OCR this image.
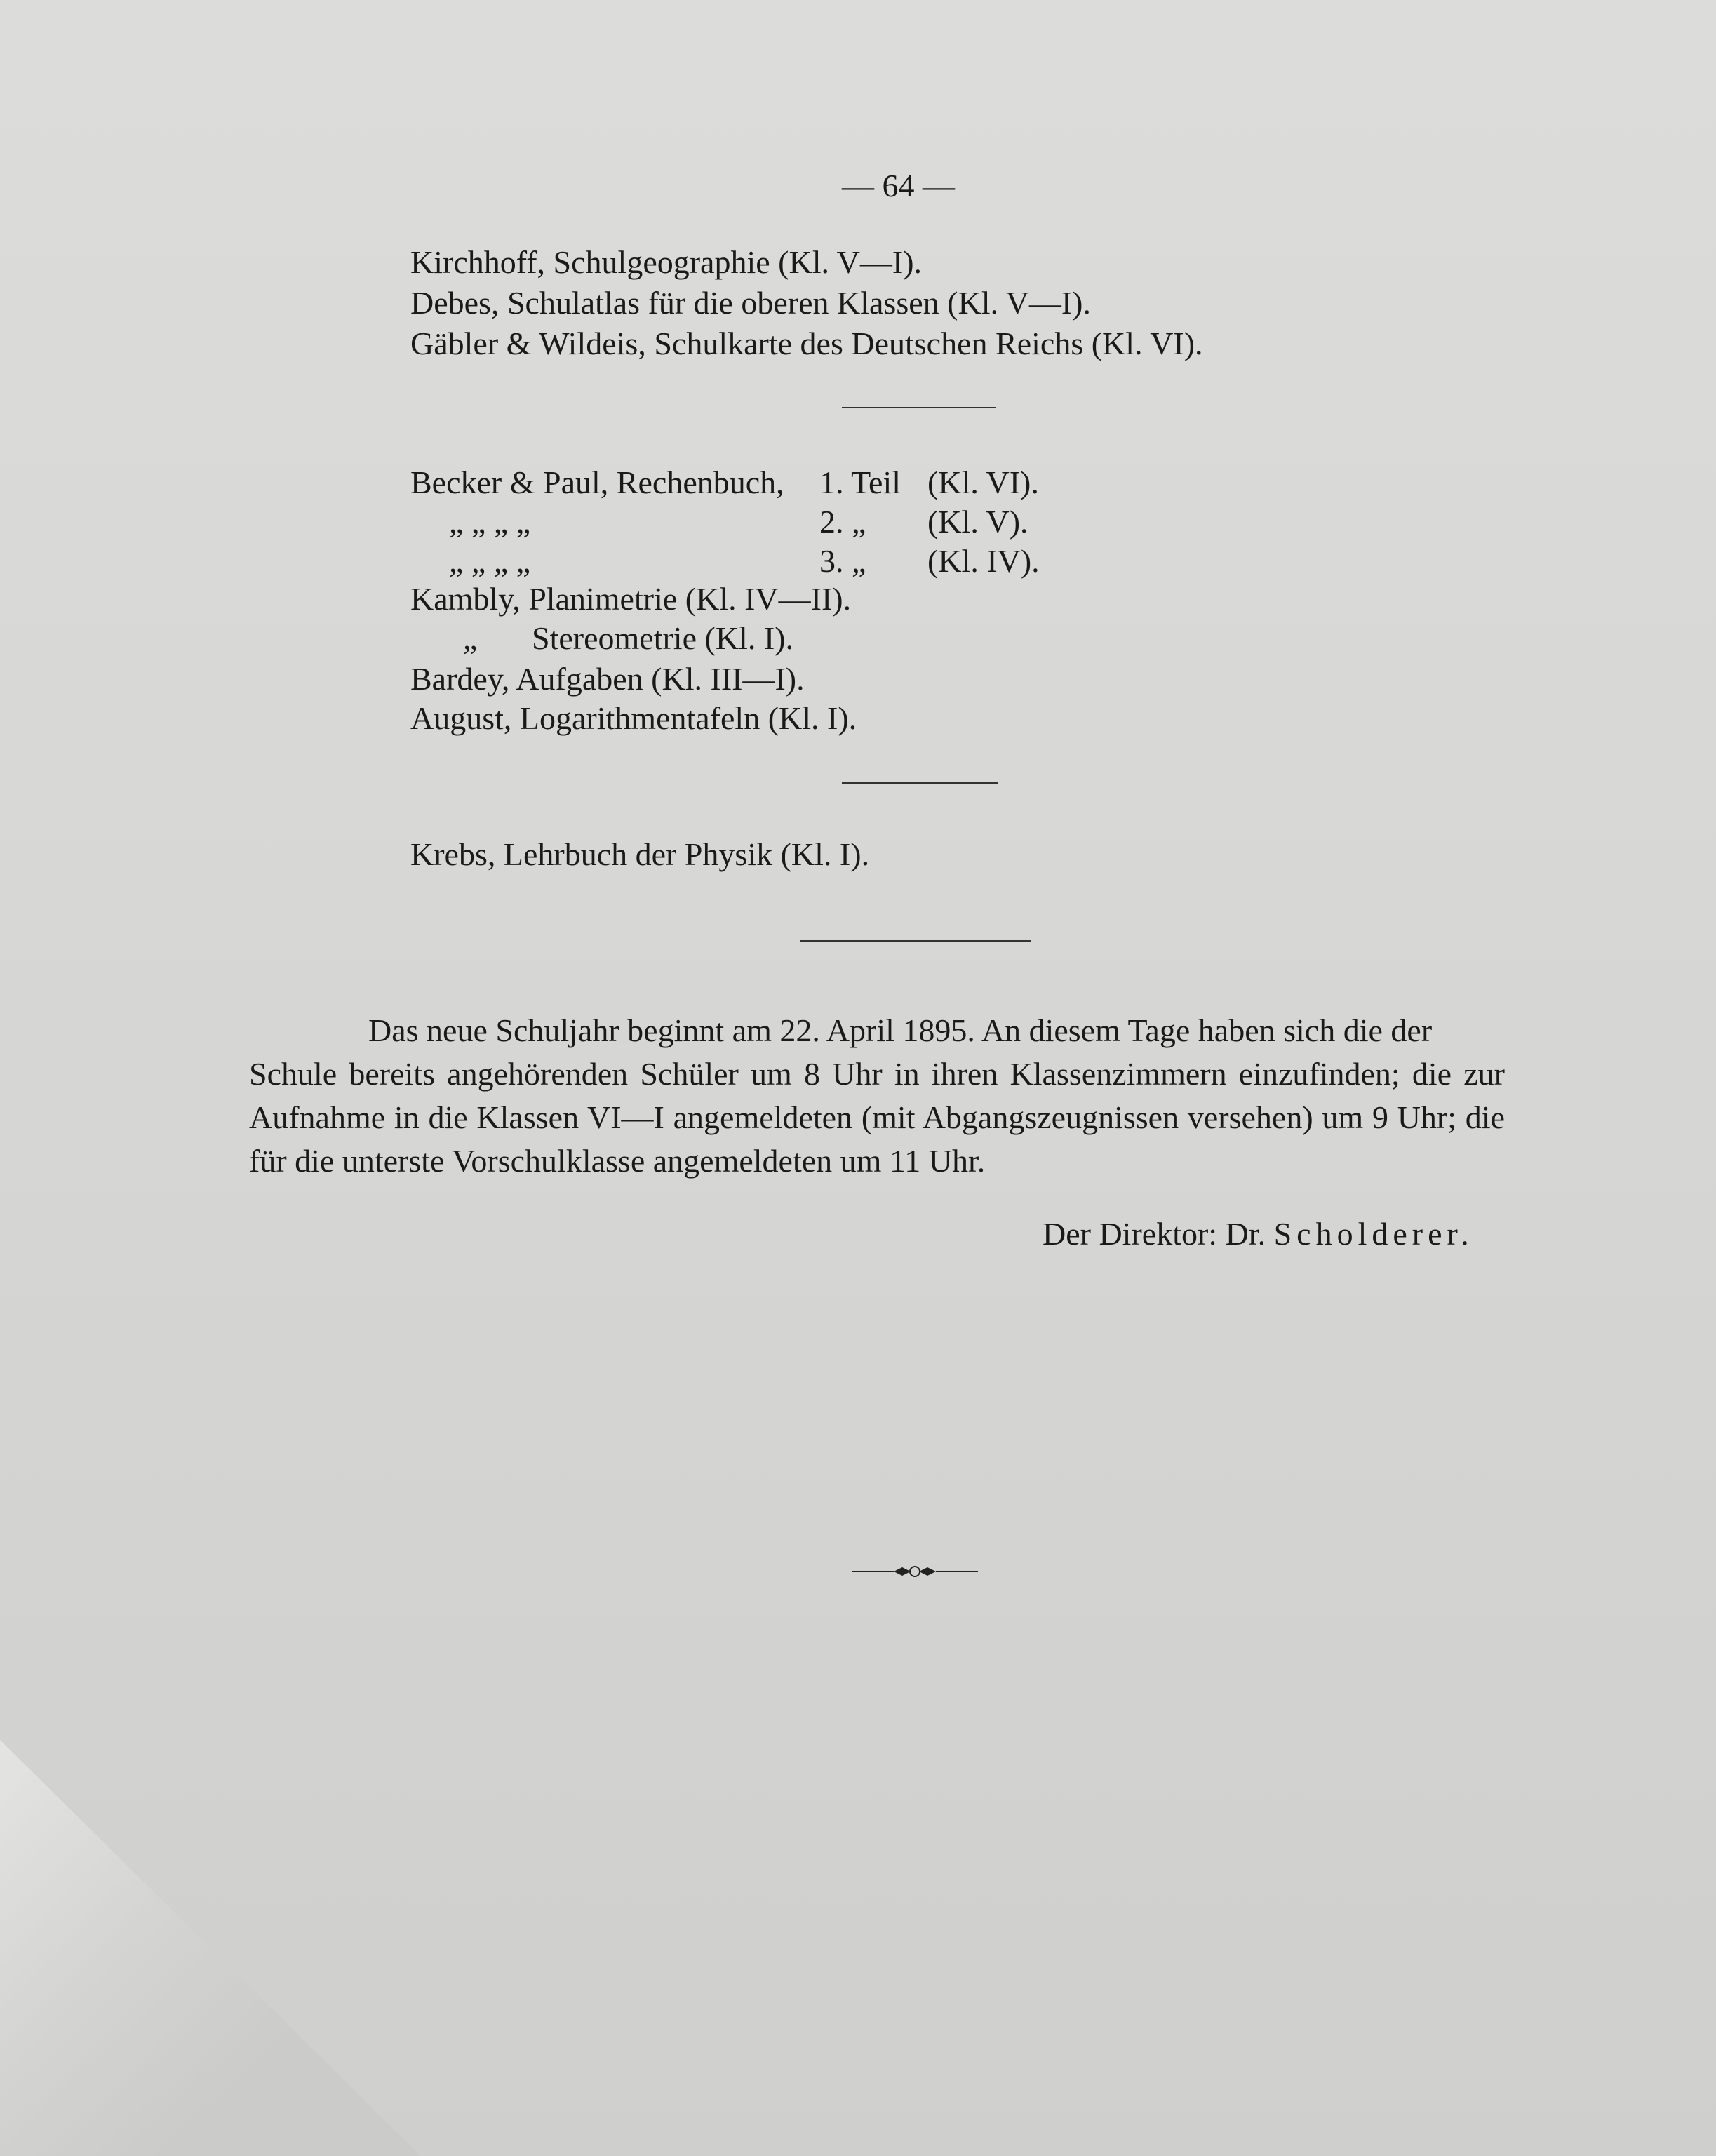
— 64 —
Kirchhoff, Schulgeographie (Kl. V—I).
Debes, Schulatlas für die oberen Klassen (Kl. V—I).
Gäbler & Wildeis, Schulkarte des Deutschen Reichs (Kl. VI).
Becker & Paul, Rechenbuch, 1. Teil (Kl. VI).
„ „ „ „	2. „ (Kl. V).
„ „ „ „	3. „ (Kl. IV).
Kambly, Planimetrie (Kl. IV—II).
„ Stereometrie (Kl. I).
Bardey, Aufgaben (Kl. III—I).
August, Logarithmentafeln (Kl. I).
Krebs, Lehrbuch der Physik (Kl. I).
Das neue Schuljahr beginnt am 22. April 1895. An diesem Tage haben sich die der
Schule bereits angehörenden Schüler um 8 Uhr in ihren Klassenzimmern einzufinden; die zur Aufnahme in die Klassen VI—I angemeldeten (mit Abgangszeugnissen versehen) um 9 Uhr; die für die unterste Vorschulklasse angemeldeten um 11 Uhr.
Der Direktor: Dr. Scholderer.
